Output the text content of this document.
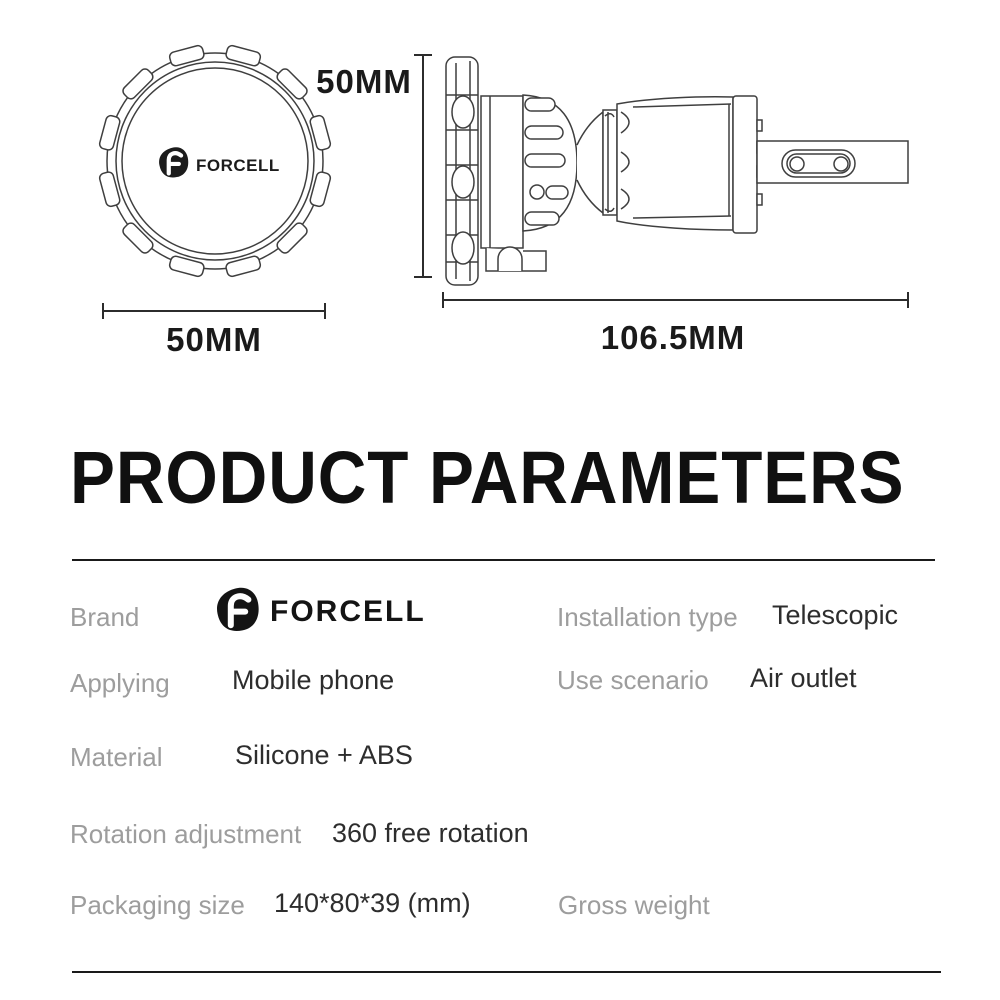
FORCELL
50MM
50MM	106.5MM
PRODUCT PARAMETERS
Brand	FORCELL	Installation type Telescopic
Applying Mobile phone	Use scenario Air outlet
Material	Silicone + ABS
Rotation adjustment 360 free rotation
Packaging size 140*80*39 (mm)	Gross weight
